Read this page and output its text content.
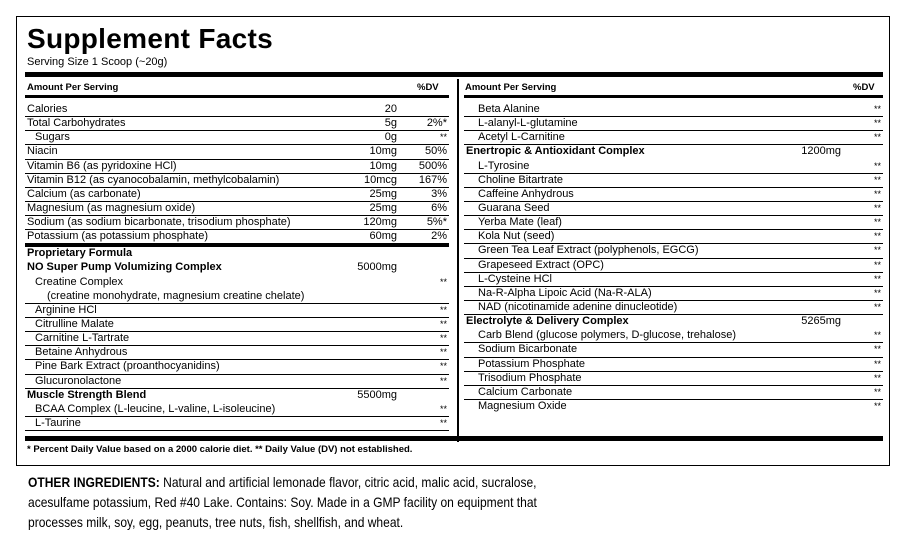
Supplement Facts
Serving Size 1 Scoop (~20g)
Amount Per Serving	%DV	Amount Per Serving	%DV
Calories	20
Total Carbohydrates	5g	2%*
Sugars	0g	**
Niacin	10mg	50%
Vitamin B6 (as pyridoxine HCl)	10mg 500%
Vitamin B12 (as cyanocobalamin, methylcobalamin)	10mcg 167%
Calcium (as carbonate)	25mg	3%
Magnesium (as magnesium oxide)	25mg	6%
Sodium (as sodium bicarbonate, trisodium phosphate)	120mg	5%*
Potassium (as potassium phosphate)	60mg	2%
Proprietary Formula
NO Super Pump Volumizing Complex	5000mg
Creatine Complex	**
(creatine monohydrate, magnesium creatine chelate)
Arginine HCl	**
Citrulline Malate	**
Carnitine L-Tartrate	**
Betaine Anhydrous	**
Pine Bark Extract (proanthocyanidins)	**
Glucuronolactone	**
Muscle Strength Blend	5500mg
BCAA Complex (L-leucine, L-valine, L-isoleucine)	**
L-Taurine	**
Beta Alanine	**
L-alanyl-L-glutamine	**
Acetyl L-Carnitine	**
Enertropic & Antioxidant Complex	1200mg
L-Tyrosine	**
Choline Bitartrate	**
Caffeine Anhydrous	**
Guarana Seed	**
Yerba Mate (leaf)	**
Kola Nut (seed)	**
Green Tea Leaf Extract (polyphenols, EGCG)	**
Grapeseed Extract (OPC)	**
L-Cysteine HCl	**
Na-R-Alpha Lipoic Acid (Na-R-ALA)	**
NAD (nicotinamide adenine dinucleotide)	**
Electrolyte & Delivery Complex	5265mg
Carb Blend (glucose polymers, D-glucose, trehalose)	**
Sodium Bicarbonate	**
Potassium Phosphate	**
Trisodium Phosphate	**
Calcium Carbonate	**
Magnesium Oxide	**
* Percent Daily Value based on a 2000 calorie diet. ** Daily Value (DV) not established.
OTHER INGREDIENTS: Natural and artificial lemonade flavor, citric acid, malic acid, sucralose, acesulfame potassium, Red #40 Lake. Contains: Soy. Made in a GMP facility on equipment that processes milk, soy, egg, peanuts, tree nuts, fish, shellfish, and wheat.
